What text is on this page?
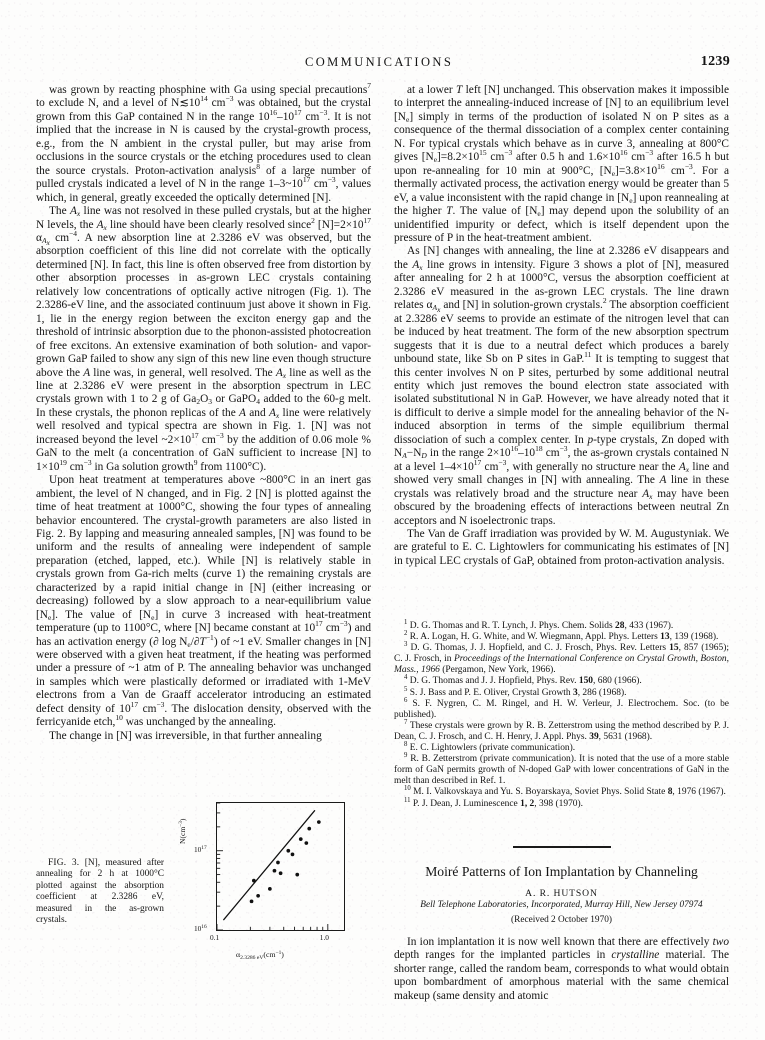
COMMUNICATIONS	1239

was grown by reacting phosphine with Ga using special precautions$^7$ to exclude N, and a level of $N≲10^{14}$ $cm^{-3}$ was obtained, but the crystal grown from this GaP contained N in the range $10^{16}-10^{17}$ $cm^{-3}$. It is not implied that the increase in N is caused by the crystal-growth process, e.g., from the N ambient in the crystal puller, but may arise from occlusions in the source crystals or the etching procedures used to clean the source crystals. Proton-activation analysis$^8$ of a large number of pulled crystals indicated a level of N in the range $1-3\sim 10^{17}$ $cm^{-3}$, values which, in general, greatly exceeded the optically determined [N].

The $A_x$ line was not resolved in these pulled crystals, but at the higher N levels, the $A_x$ line should have been clearly resolved since$^2$ $[N]=2\times 10^{17}$ $\alpha_{A_x}$ $cm^{-4}$. A new absorption line at 2.3286 eV was observed, but the absorption coefficient of this line did not correlate with the optically determined [N]. In fact, this line is often observed free from distortion by other absorption processes in as-grown LEC crystals containing relatively low concentrations of optically active nitrogen (Fig. 1). The 2.3286-eV line, and the associated continuum just above it shown in Fig. 1, lie in the energy region between the exciton energy gap and the threshold of intrinsic absorption due to the phonon-assisted photocreation of free excitons. An extensive examination of both solution- and vapor-grown GaP failed to show any sign of this new line even though structure above the A line was, in general, well resolved. The $A_x$ line as well as the line at 2.3286 eV were present in the absorption spectrum in LEC crystals grown with 1 to 2 g of $Ga_2O_3$ or GaPO$_4$ added to the 60-g melt. In these crystals, the phonon replicas of the A and $A_x$ line were relatively well resolved and typical spectra are shown in Fig. 1. [N] was not increased beyond the level $\sim 2\times 10^{17}$ $cm^{-3}$ by the addition of 0.06 mole % GaN to the melt (a concentration of GaN sufficient to increase [N] to $1\times 10^{19}$ $cm^{-3}$ in Ga solution growth$^9$ from 1100°C).

Upon heat treatment at temperatures above ~800°C in an inert gas ambient, the level of N changed, and in Fig. 2 [N] is plotted against the time of heat treatment at 1000°C, showing the four types of annealing behavior encountered. The crystal-growth parameters are also listed in Fig. 2. By lapping and measuring annealed samples, [N] was found to be uniform and the results of annealing were independent of sample preparation (etched, lapped, etc.). While [N] is relatively stable in crystals grown from Ga-rich melts (curve 1) the remaining crystals are characterized by a rapid initial change in [N] (either increasing or decreasing) followed by a slow approach to a near-equilibrium value $[N_e]$. The value of $[N_e]$ in curve 3 increased with heat-treatment temperature (up to 1100°C, where [N] became constant at $10^{17}$ $cm^{-3}$) and has an activation energy (∂ $\log N_e/\partial T^{-1}$) of ~1 eV. Smaller changes in [N] were observed with a given heat treatment, if the heating was performed under a pressure of ~1 atm of P. The annealing behavior was unchanged in samples which were plastically deformed or irradiated with 1-MeV electrons from a Van de Graaff accelerator introducing an estimated defect density of $10^{17}$ $cm^{-3}$. The dislocation density, observed with the ferricyanide etch,$^{10}$ was unchanged by the annealing.

The change in [N] was irreversible, in that further annealing

at a lower T left [N] unchanged. This observation makes it impossible to interpret the annealing-induced increase of [N] to an equilibrium level $[N_e]$ simply in terms of the production of isolated N on P sites as a consequence of the thermal dissociation of a complex center containing N. For typical crystals which behave as in curve 3, annealing at 800°C gives $[N_e]=8.2\times 10^{15}$ $cm^{-3}$ after 0.5 h and $1.6\times 10^{16}$ $cm^{-3}$ after 16.5 h but upon re-annealing for 10 min at 900°C, $[N_e]=3.8\times 10^{16}$ $cm^{-3}$. For a thermally activated process, the activation energy would be greater than 5 eV, a value inconsistent with the rapid change in $[N_e]$ upon reannealing at the higher T. The value of $[N_e]$ may depend upon the solubility of an unidentified impurity or defect, which is itself dependent upon the pressure of P in the heat-treatment ambient.

As [N] changes with annealing, the line at 2.3286 eV disappears and the $A_x$ line grows in intensity. Figure 3 shows a plot of [N], measured after annealing for 2 h at 1000°C, versus the absorption coefficient at 2.3286 eV measured in the as-grown LEC crystals. The line drawn relates $\alpha_{A_x}$ and [N] in solution-grown crystals.$^2$ The absorption coefficient at 2.3286 eV seems to provide an estimate of the nitrogen level that can be induced by heat treatment. The form of the new absorption spectrum suggests that it is due to a neutral defect which produces a barely unbound state, like Sb on P sites in GaP.$^{11}$ It is tempting to suggest that this center involves N on P sites, perturbed by some additional neutral entity which just removes the bound electron state associated with isolated substitutional N in GaP. However, we have already noted that it is difficult to derive a simple model for the annealing behavior of the N-induced absorption in terms of the simple equilibrium thermal dissociation of such a complex center. In p-type crystals, Zn doped with $N_A-N_D$ in the range $2\times 10^{16}-10^{18}$ $cm^{-3}$, the as-grown crystals contained N at a level $1-4\times 10^{17}$ $cm^{-3}$, with generally no structure near the $A_x$ line and showed very small changes in [N] with annealing. The A line in these crystals was relatively broad and the structure near $A_x$ may have been obscured by the broadening effects of interactions between neutral Zn acceptors and N isoelectronic traps.

The Van de Graff irradiation was provided by W. M. Augustyniak. We are grateful to E. C. Lightowlers for communicating his estimates of [N] in typical LEC crystals of GaP, obtained from proton-activation analysis.

$^1$ D. G. Thomas and R. T. Lynch, J. Phys. Chem. Solids 28, 433 (1967).

$^2$ R. A. Logan, H. G. White, and W. Wiegmann, Appl. Phys. Letters 13, 139 (1968).

$^3$ D. G. Thomas, J. J. Hopfield, and C. J. Frosch, Phys. Rev. Letters 15, 857 (1965); C. J. Frosch, in Proceedings of the International Conference on Crystal Growth, Boston, Mass., 1966 (Pergamon, New York, 1966).

$^4$ D. G. Thomas and J. J. Hopfield, Phys. Rev. 150, 680 (1966).

$^5$ S. J. Bass and P. E. Oliver, Crystal Growth 3, 286 (1968).

$^6$ S. F. Nygren, C. M. Ringel, and H. W. Verleur, J. Electrochem. Soc. (to be published).

$^7$ These crystals were grown by R. B. Zetterstrom using the method described by P. J. Dean, C. J. Frosch, and C. H. Henry, J. Appl. Phys. 39, 5631 (1968).

$^8$ E. C. Lightowlers (private communication).

$^9$ R. B. Zetterstrom (private communication). It is noted that the use of a more stable form of GaN permits growth of N-doped GaP with lower concentrations of GaN in the melt than described in Ref. 1.

$^{10}$ M. I. Valkovskaya and Yu. S. Boyarskaya, Soviet Phys. Solid State 8, 1976 (1967).

$^{11}$ P. J. Dean, J. Luminescence 1, 2, 398 (1970).

Moiré Patterns of Ion Implantation by Channeling
A. R. HUTSON
Bell Telephone Laboratories, Incorporated, Murray Hill, New Jersey 07974
(Received 2 October 1970)

In ion implantation it is now well known that there are effectively two depth ranges for the implanted particles in crystalline material. The shorter range, called the random beam, corresponds to what would obtain upon bombardment of amorphous material with the same chemical makeup (same density and atomic

FIG. 3. [N], measured after annealing for 2 h at 1000°C plotted against the absorption coefficient at 2.3286 eV, measured in the as-grown crystals.
$10^{17}$
$10^{16}$
0.1	1.0
$N(cm^{-3})$
$\alpha_{2.3286 eV}(cm^{-1})$
